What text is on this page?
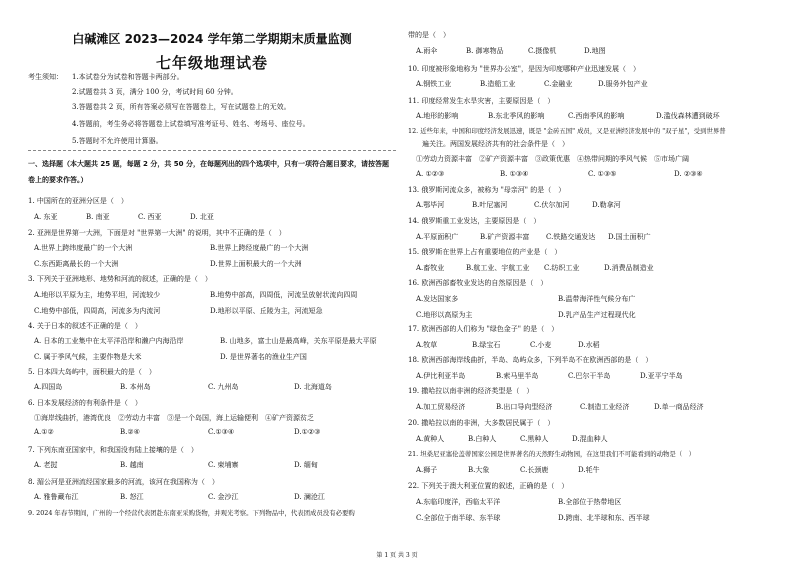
白碱滩区 2023—2024 学年第二学期期末质量监测
七年级地理试卷
考生须知： 1.本试卷分为试卷和答题卡两部分。
2.试题卷共 3 页，满分 100 分，考试时间 60 分钟。
3.答题卷共 2 页，所有答案必须写在答题卷上，写在试题卷上的无效。
4.答题前，考生务必将答题卷上试卷填写准考证号、姓名、考场号、座位号。
5.答题时不允许使用计算器。
一、选择题（本大题共 25 题，每题 2 分，共 50 分，在每题列出的四个选项中，只有一项符合题目要求，请按答题
卷上的要求作答。）
1. 中国所在的亚洲分区是（　）
A. 东亚	B. 南亚	C. 西亚	D. 北亚
2. 亚洲是世界第一大洲，下面是对 "世界第一大洲" 的说明，其中不正确的是（　）
A.世界上跨纬度最广的一个大洲	B.世界上跨经度最广的一个大洲
C.东西距离最长的一个大洲	D.世界上面积最大的一个大洲
3. 下列关于亚洲地形、地势和河流的叙述，正确的是（　）
A.地形以平原为主，地势平坦，河流较少	B.地势中部高，四周低，河流呈放射状流向四周
C.地势中部低，四周高，河流多为内流河	D.地形以平原、丘陵为主，河流短急
4. 关于日本的叙述不正确的是（　）
A. 日本的工业集中在太平洋沿岸和濑户内海沿岸	B. 山地多，富士山是最高峰，关东平原是最大平原
C. 属于季风气候，主要作物是大米	D. 是世界著名的渔业生产国
5. 日本四大岛屿中，面积最大的是（　）
A.四国岛	B. 本州岛	C. 九州岛	D. 北海道岛
6. 日本发展经济的有利条件是（　）
①海岸线曲折，港湾优良　②劳动力丰富　③是一个岛国，海上运输便利　④矿产资源贫乏
A.①②	B.②④	C.①③④	D.①②③
7. 下列东南亚国家中，和我国没有陆上接壤的是（　）
A. 老挝	B. 越南	C. 柬埔寨	D. 缅甸
8. 湄公河是亚洲流经国家最多的河流，该河在我国称为（　）
A. 雅鲁藏布江	B. 怒江	C. 金沙江	D. 澜沧江
9. 2024 年春节期间，广州的一个经营代表团赴东南亚采购货物，并观光考察。下列物品中，代表团成员没有必要购
带的是（　）
A.雨伞	B. 御寒物品	C.摄像机	D.地图
10. 印度被形象地称为 "世界办公室"，是因为印度哪种产业迅速发展（　）
A.钢铁工业	B.造船工业	C.金融业	D.服务外包产业
11. 印度经常发生水旱灾害，主要原因是（　）
A.地形的影响	B.东北季风的影响	C.西南季风的影响	D.滥伐森林遭到破坏
12. 近些年来，中国和印度经济发展迅速，既是 "金砖五国" 成员，又是亚洲经济发展中的 "双子星"，受到世界普
遍关注。两国发展经济共有的社会条件是（　）
①劳动力资源丰富　②矿产资源丰富　③政策优惠　④热带问期的季风气候　⑤市场广阔
A. ①②③	B. ①③④	C. ①③⑤	D. ②③④
13. 俄罗斯河流众多，被称为 "母亲河" 的是（　）
A.鄂毕河	B.叶尼塞河	C.伏尔加河	D.勒拿河
14. 俄罗斯重工业发达，主要原因是（　）
A.平原面积广	B.矿产资源丰富 C.铁路交通发达 D.国土面积广
15. 俄罗斯在世界上占有重要地位的产业是（　）
A.畜牧业	B.航工业、宇航工业 C.纺织工业	D.消费品制造业
16. 欧洲西部畜牧业发达的自然原因是（　）
A.发达国家多	B.温带海洋性气候分布广
C.地形以高原为主	D.乳产品生产过程现代化
17. 欧洲西部的人们称为 "绿色金子" 的是（　）
A.牧草	B.绿宝石	C.小麦	D.水稻
18. 欧洲西部海岸线曲折，半岛、岛屿众多，下列半岛不在欧洲西部的是（　）
A.伊比利亚半岛	B.索马里半岛	C.巴尔干半岛	D.亚平宁半岛
19. 撒哈拉以南非洲的经济类型是（　）
A.加工贸易经济	B.出口导向型经济	C.制造工业经济	D.单一商品经济
20. 撒哈拉以南的非洲，大多数居民属于（　）
A.黄种人	B.白种人	C.黑种人	D.混血种人
21. 坦桑尼亚塞伦盖蒂国家公园是世界著名的天然野生动物园，在这里我们不可能看到的动物是（　）
A.狮子	B.大象	C.长颈鹿	D.牦牛
22. 下列关于澳大利亚位置的叙述，正确的是（　）
A.东临印度洋，西临太平洋	B.全部位于热带地区
C.全部位于南半球、东半球	D.跨南、北半球和东、西半球
第 1 页 共 3 页
